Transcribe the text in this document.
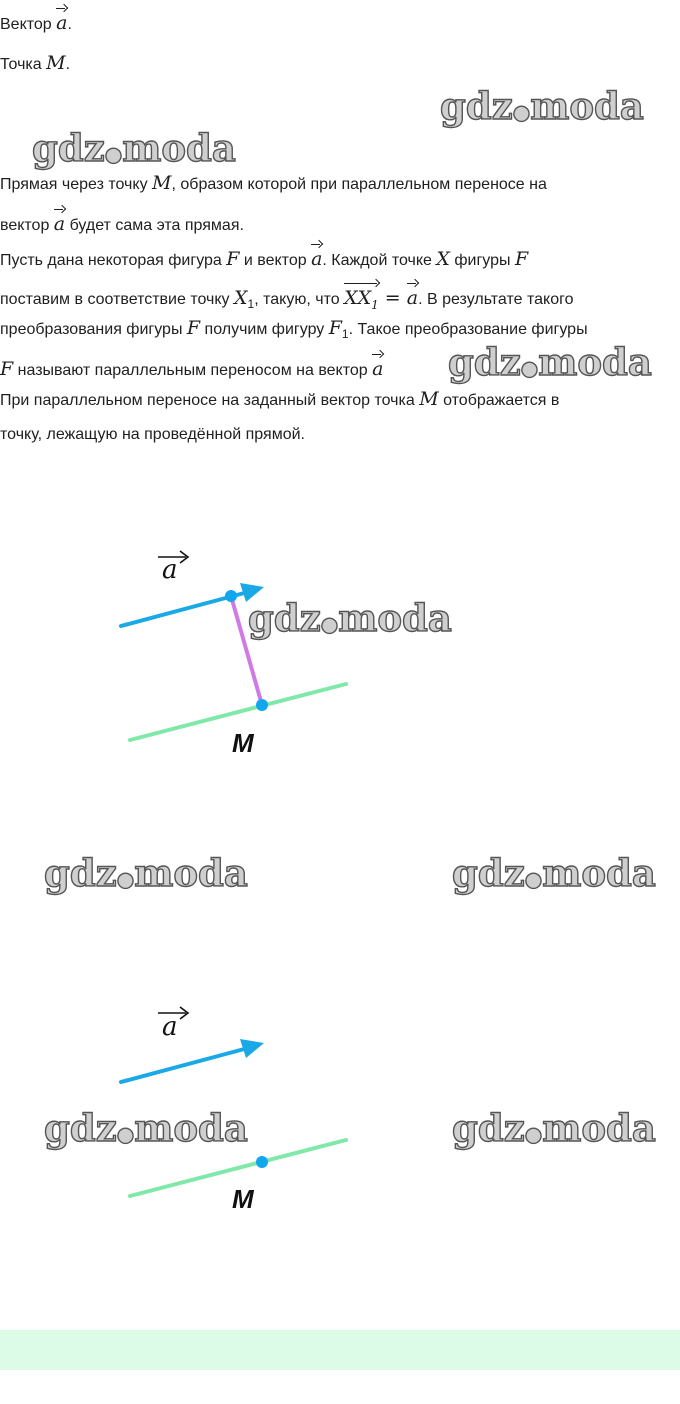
Вектор a.
Точка M.
Прямая через точку M, образом которой при параллельном переносе на
вектор a будет сама эта прямая.
Пусть дана некоторая фигура F и вектор a. Каждой точке X фигуры F
поставим в соответствие точку $X_1$, такую, что $XX_1 = a$. В результате такого
преобразования фигуры F получим фигуру $F_1$. Такое преобразование фигуры
F называют параллельным переносом на вектор a
При параллельном переносе на заданный вектор точка M отображается в
точку, лежащую на проведённой прямой.
gdz●moda
gdz●moda
gdz●moda
gdz●moda
gdz●moda	gdz●moda
gdz●moda	gdz●moda
a
M
a
M
